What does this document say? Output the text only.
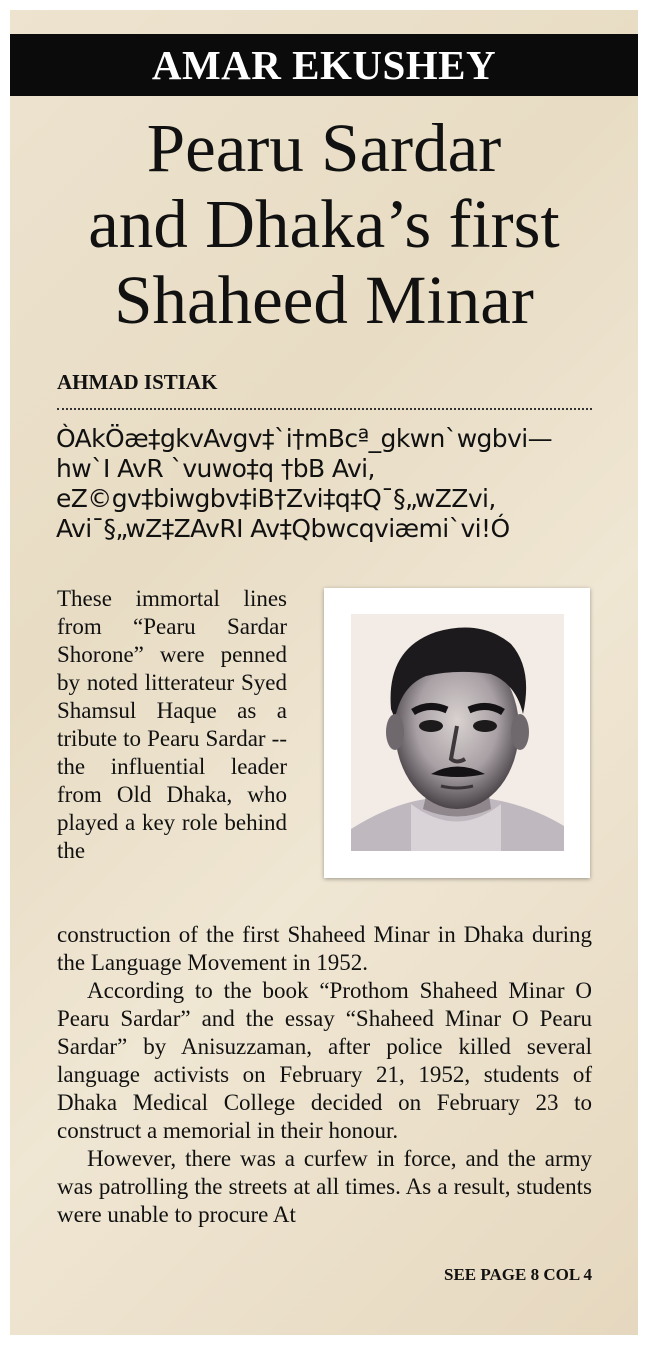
AMAR EKUSHEY
Pearu Sardar
and Dhaka’s first
Shaheed Minar
AHMAD ISTIAK
ÒAkÖæ‡gkvAvgv‡`i†mBcª_gkwn`wgbvi—
hw`I AvR `vuwo‡q †bB Avi,
eZ©gv‡biwgbv‡iB†Zvi‡q‡Q¯§„wZZvi,
Avi¯§„wZ‡ZAvRI Av‡Qbwcqviæmi`vi!Ó

These immortal lines from “Pearu Sardar Shorone” were penned by noted litterateur Syed Shamsul Haque as a tribute to Pearu Sardar -- the influential leader from Old Dhaka, who played a key role behind the

construction of the first Shaheed Minar in Dhaka during the Language Movement in 1952.

According to the book “Prothom Shaheed Minar O Pearu Sardar” and the essay “Shaheed Minar O Pearu Sardar” by Anisuzzaman, after police killed several language activists on February 21, 1952, students of Dhaka Medical College decided on February 23 to construct a memorial in their honour.

However, there was a curfew in force, and the army was patrolling the streets at all times. As a result, students were unable to procure At

SEE PAGE 8 COL 4
